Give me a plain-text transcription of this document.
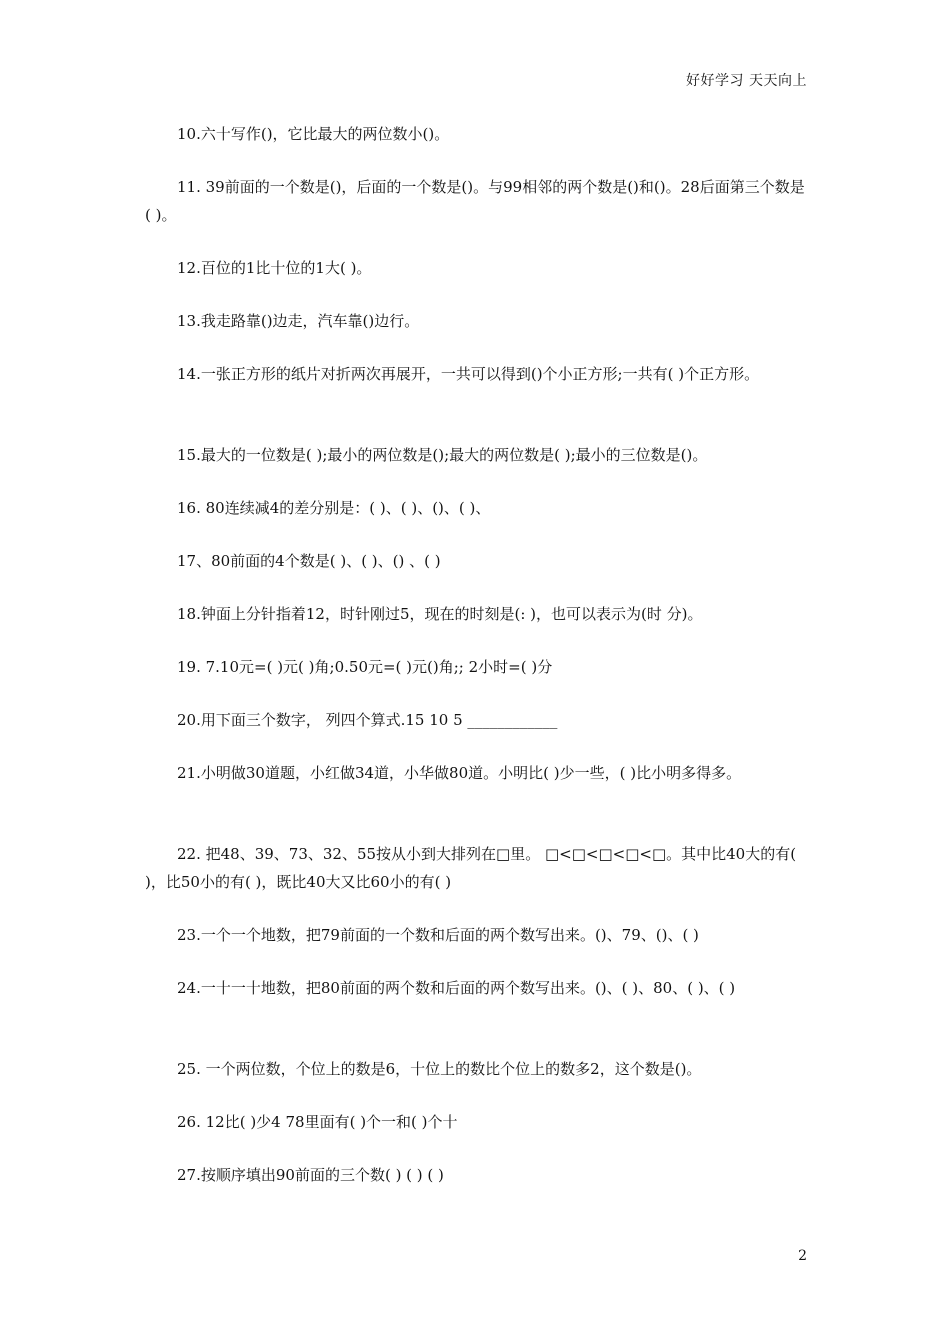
好好学习 天天向上

10.六十写作()，它比最大的两位数小()。

11. 39前面的一个数是()，后面的一个数是()。与99相邻的两个数是()和()。28后面第三个数是( )。

12.百位的1比十位的1大( )。

13.我走路靠()边走，汽车靠()边行。

14.一张正方形的纸片对折两次再展开，一共可以得到()个小正方形;一共有( )个正方形。

15.最大的一位数是( );最小的两位数是();最大的两位数是( );最小的三位数是()。

16. 80连续减4的差分别是：( )、( )、()、( )、

17、80前面的4个数是( )、( )、() 、( )

18.钟面上分针指着12，时针刚过5，现在的时刻是(: )，也可以表示为(时 分)。

19. 7.10元=( )元( )角;0.50元=( )元()角;; 2小时=( )分

20.用下面三个数字， 列四个算式.15 10 5 ____________

21.小明做30道题，小红做34道，小华做80道。小明比( )少一些，( )比小明多得多。

22. 把48、39、73、32、55按从小到大排列在□里。 □<□<□<□<□。其中比40大的有( )，比50小的有( )，既比40大又比60小的有( )

23.一个一个地数，把79前面的一个数和后面的两个数写出来。()、79、()、( )

24.一十一十地数，把80前面的两个数和后面的两个数写出来。()、( )、80、( )、( )

25. 一个两位数，个位上的数是6，十位上的数比个位上的数多2，这个数是()。

26. 12比( )少4 78里面有( )个一和( )个十

27.按顺序填出90前面的三个数( ) ( ) ( )

2
